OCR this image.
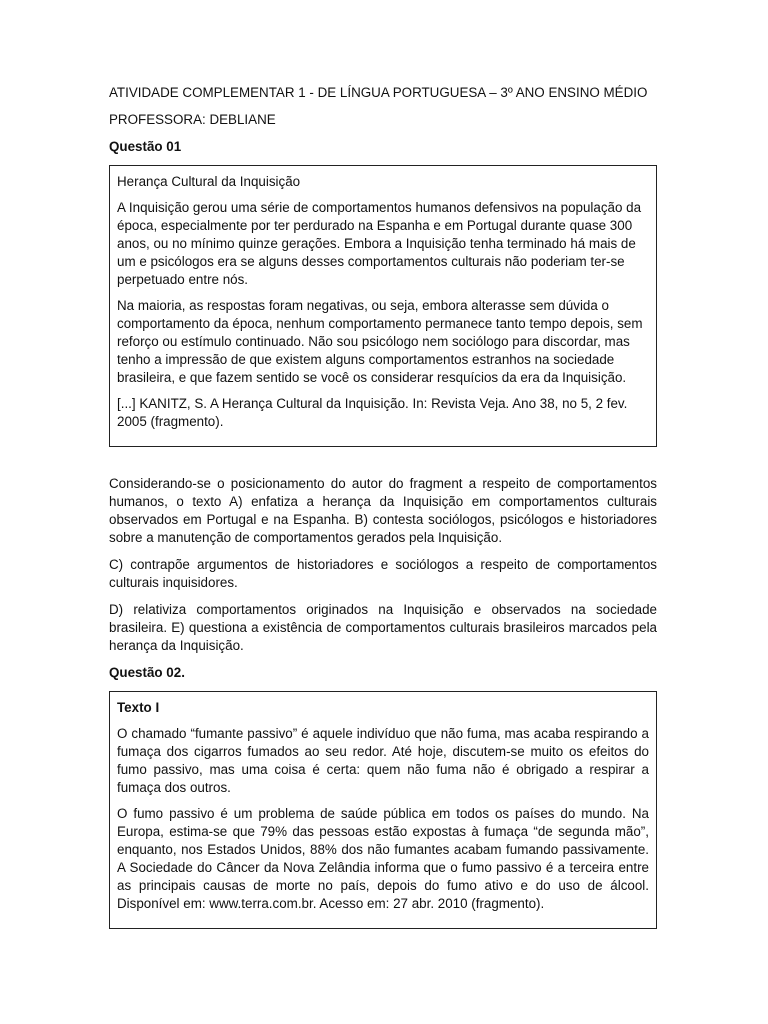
ATIVIDADE COMPLEMENTAR 1 - DE LÍNGUA PORTUGUESA – 3º ANO ENSINO MÉDIO

PROFESSORA: DEBLIANE

Questão 01

Herança Cultural da Inquisição

A Inquisição gerou uma série de comportamentos humanos defensivos na população da época, especialmente por ter perdurado na Espanha e em Portugal durante quase 300 anos, ou no mínimo quinze gerações. Embora a Inquisição tenha terminado há mais de um e psicólogos era se alguns desses comportamentos culturais não poderiam ter-se perpetuado entre nós.

Na maioria, as respostas foram negativas, ou seja, embora alterasse sem dúvida o comportamento da época, nenhum comportamento permanece tanto tempo depois, sem reforço ou estímulo continuado. Não sou psicólogo nem sociólogo para discordar, mas tenho a impressão de que existem alguns comportamentos estranhos na sociedade brasileira, e que fazem sentido se você os considerar resquícios da era da Inquisição.

[...] KANITZ, S. A Herança Cultural da Inquisição. In: Revista Veja. Ano 38, no 5, 2 fev. 2005 (fragmento).

Considerando-se o posicionamento do autor do fragment a respeito de comportamentos humanos, o texto A) enfatiza a herança da Inquisição em comportamentos culturais observados em Portugal e na Espanha. B) contesta sociólogos, psicólogos e historiadores sobre a manutenção de comportamentos gerados pela Inquisição.

C) contrapõe argumentos de historiadores e sociólogos a respeito de comportamentos culturais inquisidores.

D) relativiza comportamentos originados na Inquisição e observados na sociedade brasileira. E) questiona a existência de comportamentos culturais brasileiros marcados pela herança da Inquisição.

Questão 02.

Texto I

O chamado “fumante passivo” é aquele indivíduo que não fuma, mas acaba respirando a fumaça dos cigarros fumados ao seu redor. Até hoje, discutem-se muito os efeitos do fumo passivo, mas uma coisa é certa: quem não fuma não é obrigado a respirar a fumaça dos outros.

O fumo passivo é um problema de saúde pública em todos os países do mundo. Na Europa, estima-se que 79% das pessoas estão expostas à fumaça “de segunda mão”, enquanto, nos Estados Unidos, 88% dos não fumantes acabam fumando passivamente. A Sociedade do Câncer da Nova Zelândia informa que o fumo passivo é a terceira entre as principais causas de morte no país, depois do fumo ativo e do uso de álcool. Disponível em: www.terra.com.br. Acesso em: 27 abr. 2010 (fragmento).
